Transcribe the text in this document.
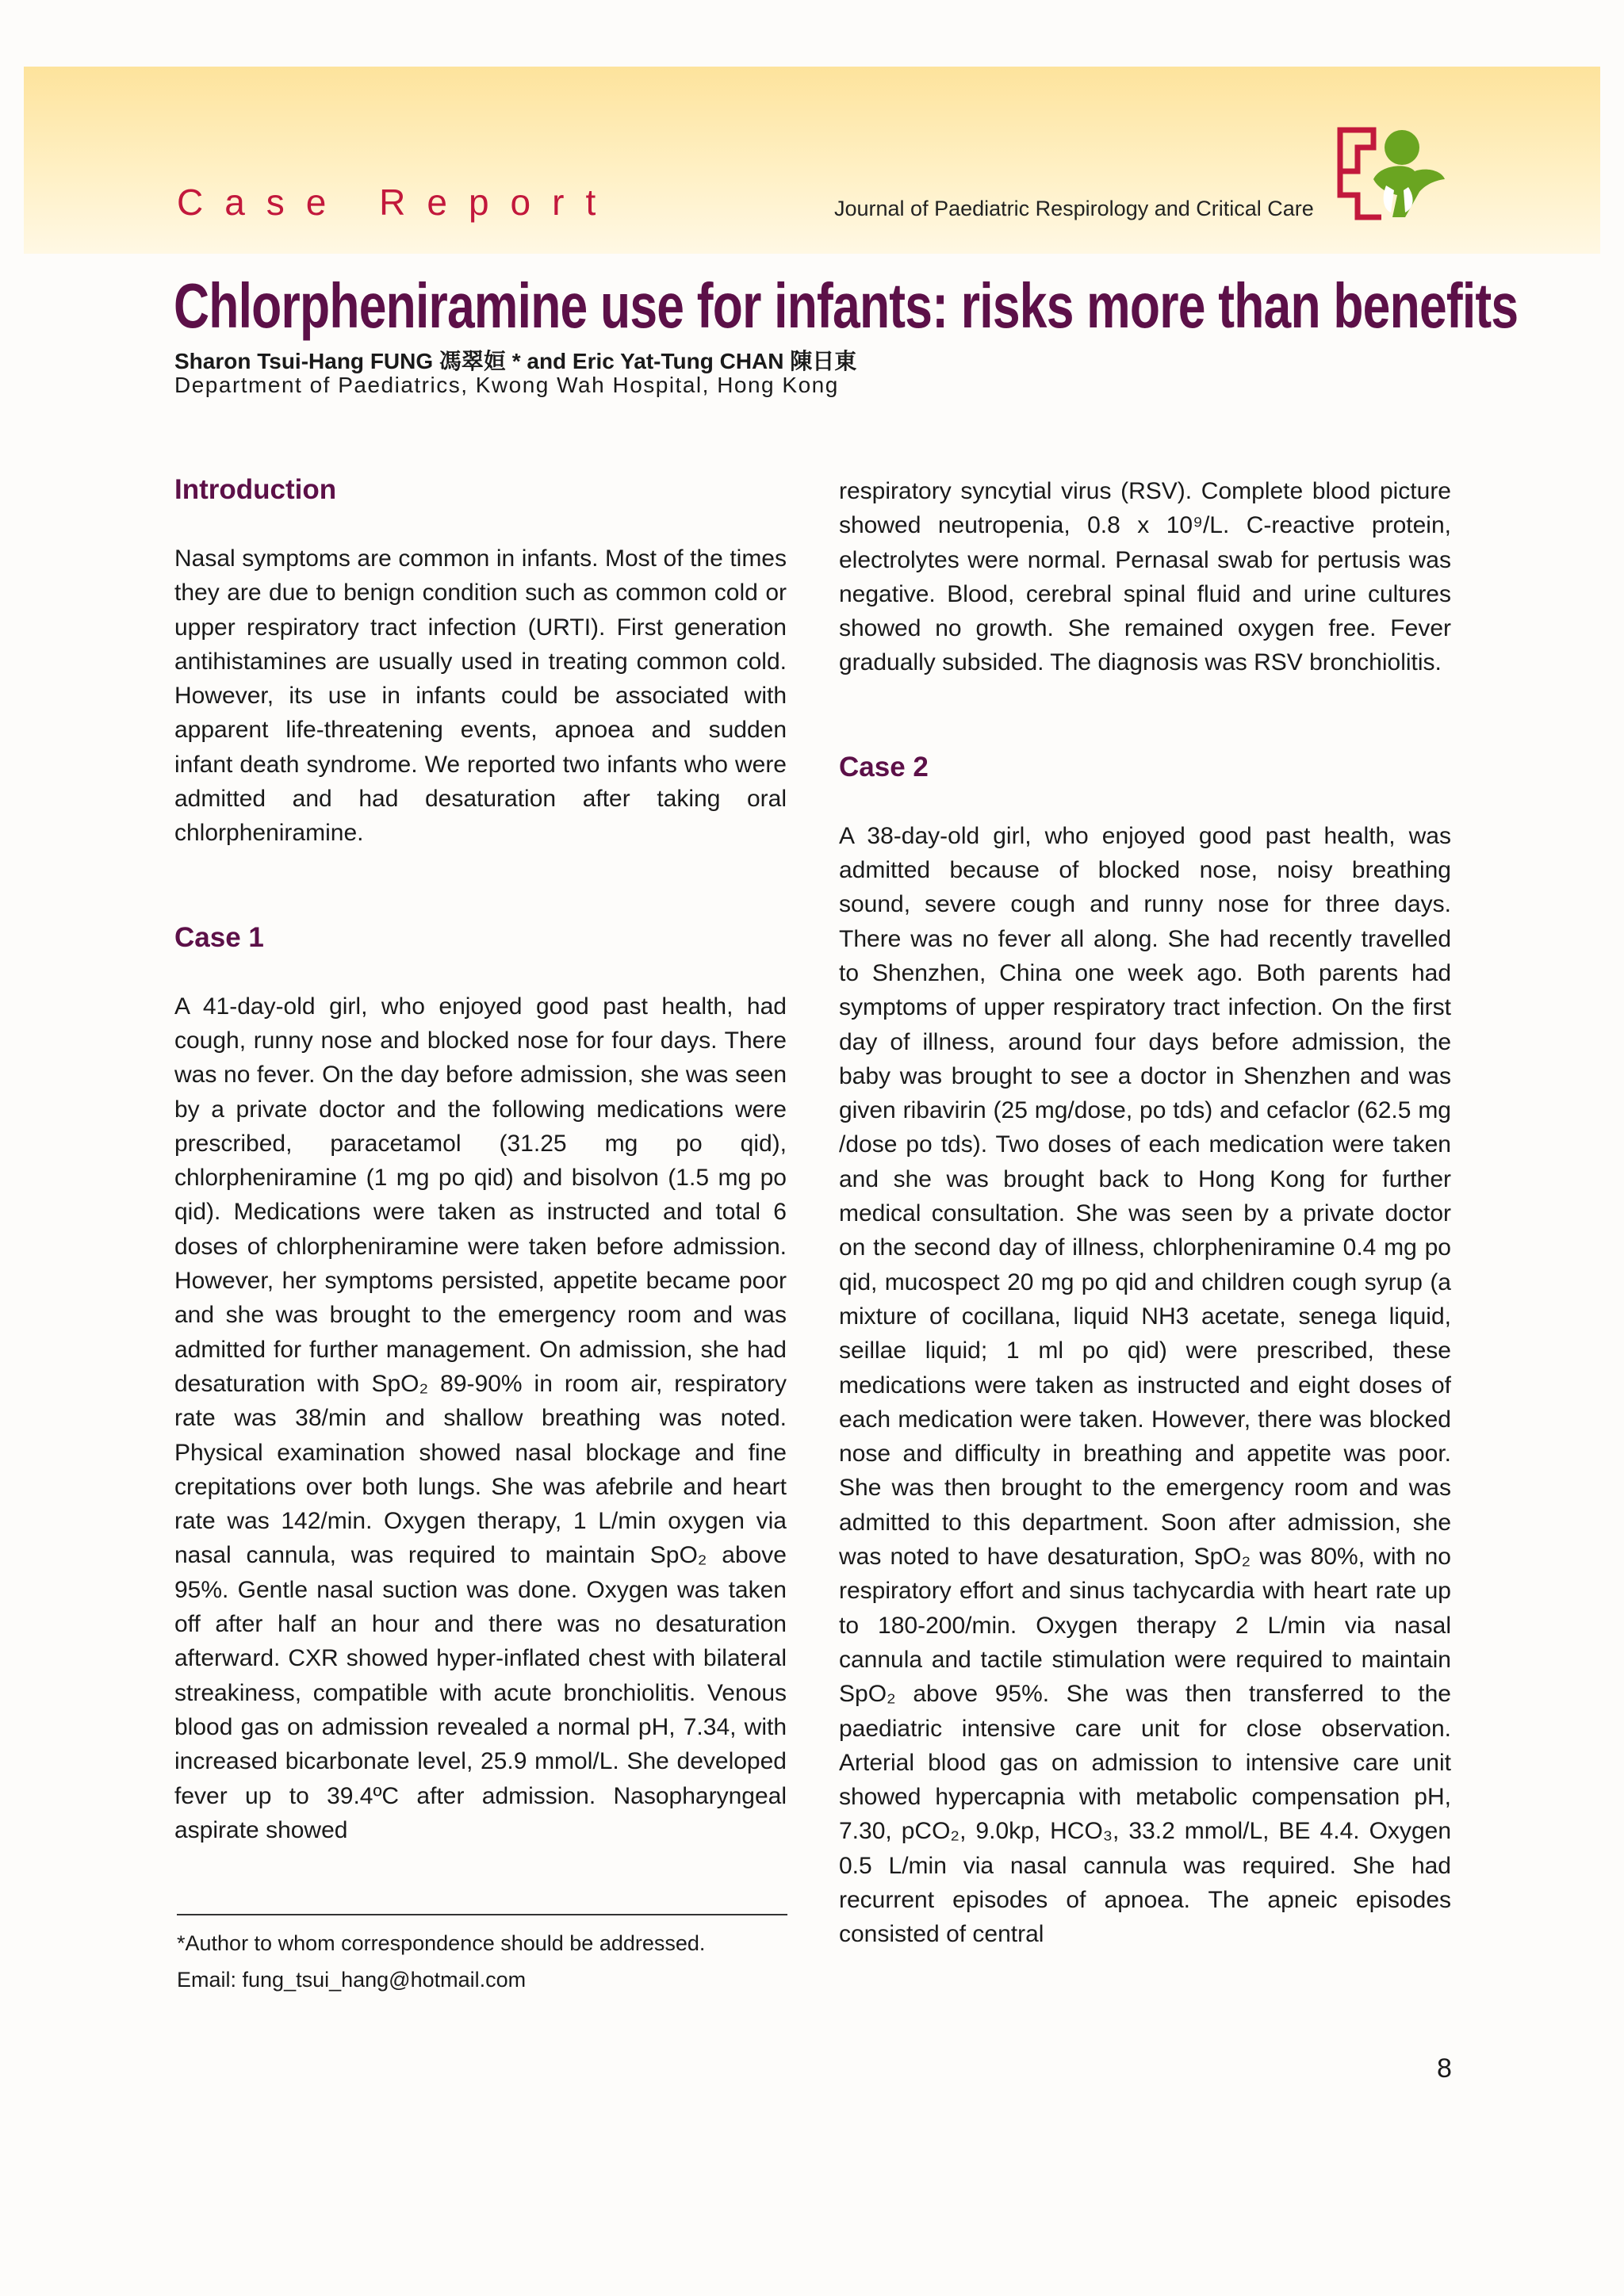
Case Report	Journal of Paediatric Respirology and Critical Care
Chlorpheniramine use for infants: risks more than benefits
Sharon Tsui-Hang FUNG 馮翠姮 * and Eric Yat-Tung CHAN 陳日東
Department of Paediatrics, Kwong Wah Hospital, Hong Kong
Introduction

Nasal symptoms are common in infants. Most of the times they are due to benign condition such as common cold or upper respiratory tract infection (URTI). First generation antihistamines are usually used in treating common cold. However, its use in infants could be associated with apparent life-threatening events, apnoea and sudden infant death syndrome. We reported two infants who were admitted and had desaturation after taking oral chlorpheniramine.

Case 1

A 41-day-old girl, who enjoyed good past health, had cough, runny nose and blocked nose for four days. There was no fever. On the day before admission, she was seen by a private doctor and the following medications were prescribed, paracetamol (31.25 mg po qid), chlorpheniramine (1 mg po qid) and bisolvon (1.5 mg po qid). Medications were taken as instructed and total 6 doses of chlorpheniramine were taken before admission. However, her symptoms persisted, appetite became poor and she was brought to the emergency room and was admitted for further management. On admission, she had desaturation with SpO₂ 89-90% in room air, respiratory rate was 38/min and shallow breathing was noted. Physical examination showed nasal blockage and fine crepitations over both lungs. She was afebrile and heart rate was 142/min. Oxygen therapy, 1 L/min oxygen via nasal cannula, was required to maintain SpO₂ above 95%. Gentle nasal suction was done. Oxygen was taken off after half an hour and there was no desaturation afterward. CXR showed hyper-inflated chest with bilateral streakiness, compatible with acute bronchiolitis. Venous blood gas on admission revealed a normal pH, 7.34, with increased bicarbonate level, 25.9 mmol/L. She developed fever up to 39.4ºC after admission. Nasopharyngeal aspirate showed

respiratory syncytial virus (RSV). Complete blood picture showed neutropenia, 0.8 x 10⁹/L. C-reactive protein, electrolytes were normal. Pernasal swab for pertusis was negative. Blood, cerebral spinal fluid and urine cultures showed no growth. She remained oxygen free. Fever gradually subsided. The diagnosis was RSV bronchiolitis.

Case 2

A 38-day-old girl, who enjoyed good past health, was admitted because of blocked nose, noisy breathing sound, severe cough and runny nose for three days. There was no fever all along. She had recently travelled to Shenzhen, China one week ago. Both parents had symptoms of upper respiratory tract infection. On the first day of illness, around four days before admission, the baby was brought to see a doctor in Shenzhen and was given ribavirin (25 mg/dose, po tds) and cefaclor (62.5 mg /dose po tds). Two doses of each medication were taken and she was brought back to Hong Kong for further medical consultation. She was seen by a private doctor on the second day of illness, chlorpheniramine 0.4 mg po qid, mucospect 20 mg po qid and children cough syrup (a mixture of cocillana, liquid NH3 acetate, senega liquid, seillae liquid; 1 ml po qid) were prescribed, these medications were taken as instructed and eight doses of each medication were taken. However, there was blocked nose and difficulty in breathing and appetite was poor. She was then brought to the emergency room and was admitted to this department. Soon after admission, she was noted to have desaturation, SpO₂ was 80%, with no respiratory effort and sinus tachycardia with heart rate up to 180-200/min. Oxygen therapy 2 L/min via nasal cannula and tactile stimulation were required to maintain SpO₂ above 95%. She was then transferred to the paediatric intensive care unit for close observation. Arterial blood gas on admission to intensive care unit showed hypercapnia with metabolic compensation pH, 7.30, pCO₂, 9.0kp, HCO₃, 33.2 mmol/L, BE 4.4. Oxygen 0.5 L/min via nasal cannula was required. She had recurrent episodes of apnoea. The apneic episodes consisted of central

*Author to whom correspondence should be addressed.
Email: fung_tsui_hang@hotmail.com
8
